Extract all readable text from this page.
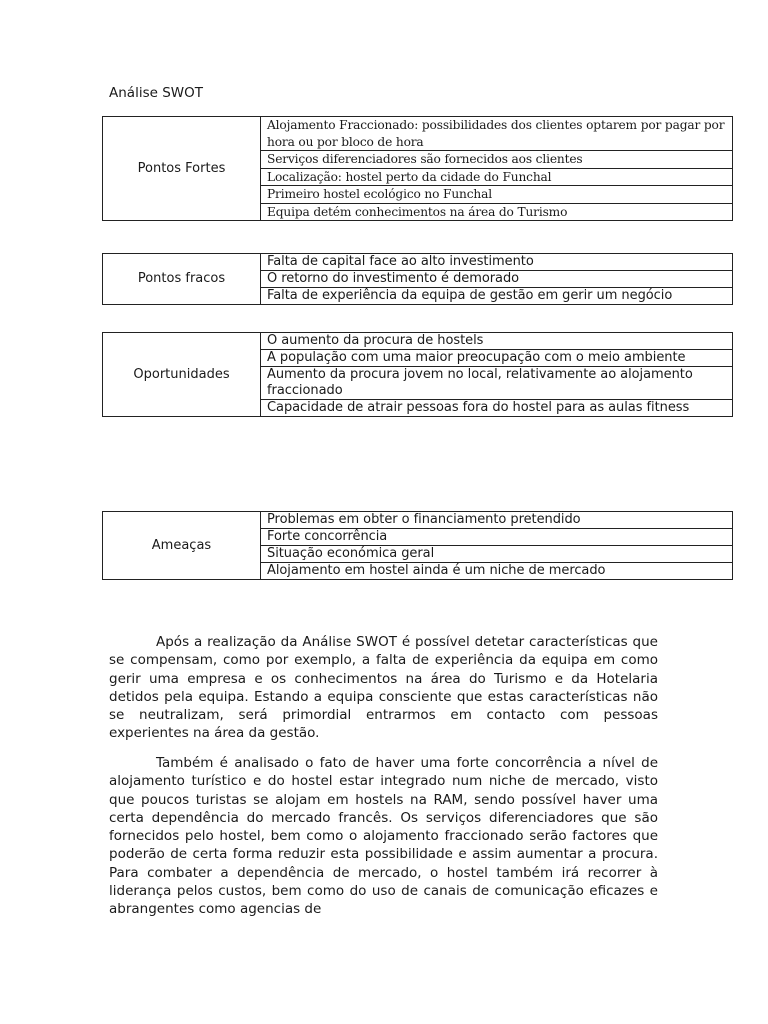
Análise SWOT
Pontos Fortes	Alojamento Fraccionado: possibilidades dos clientes optarem por pagar por hora ou por bloco de hora
Serviços diferenciadores são fornecidos aos clientes
Localização: hostel perto da cidade do Funchal
Primeiro hostel ecológico no Funchal
Equipa detém conhecimentos na área do Turismo
Pontos fracos	Falta de capital face ao alto investimento
O retorno do investimento é demorado
Falta de experiência da equipa de gestão em gerir um negócio
Oportunidades	O aumento da procura de hostels
A população com uma maior preocupação com o meio ambiente
Aumento da procura jovem no local, relativamente ao alojamento fraccionado
Capacidade de atrair pessoas fora do hostel para as aulas fitness
Ameaças	Problemas em obter o financiamento pretendido
Forte concorrência
Situação económica geral
Alojamento em hostel ainda é um niche de mercado

Após a realização da Análise SWOT é possível detetar características que se compensam, como por exemplo, a falta de experiência da equipa em como gerir uma empresa e os conhecimentos na área do Turismo e da Hotelaria detidos pela equipa. Estando a equipa consciente que estas características não se neutralizam, será primordial entrarmos em contacto com pessoas experientes na área da gestão.

Também é analisado o fato de haver uma forte concorrência a nível de alojamento turístico e do hostel estar integrado num niche de mercado, visto que poucos turistas se alojam em hostels na RAM, sendo possível haver uma certa dependência do mercado francês. Os serviços diferenciadores que são fornecidos pelo hostel, bem como o alojamento fraccionado serão factores que poderão de certa forma reduzir esta possibilidade e assim aumentar a procura. Para combater a dependência de mercado, o hostel também irá recorrer à liderança pelos custos, bem como do uso de canais de comunicação eficazes e abrangentes como agencias de
